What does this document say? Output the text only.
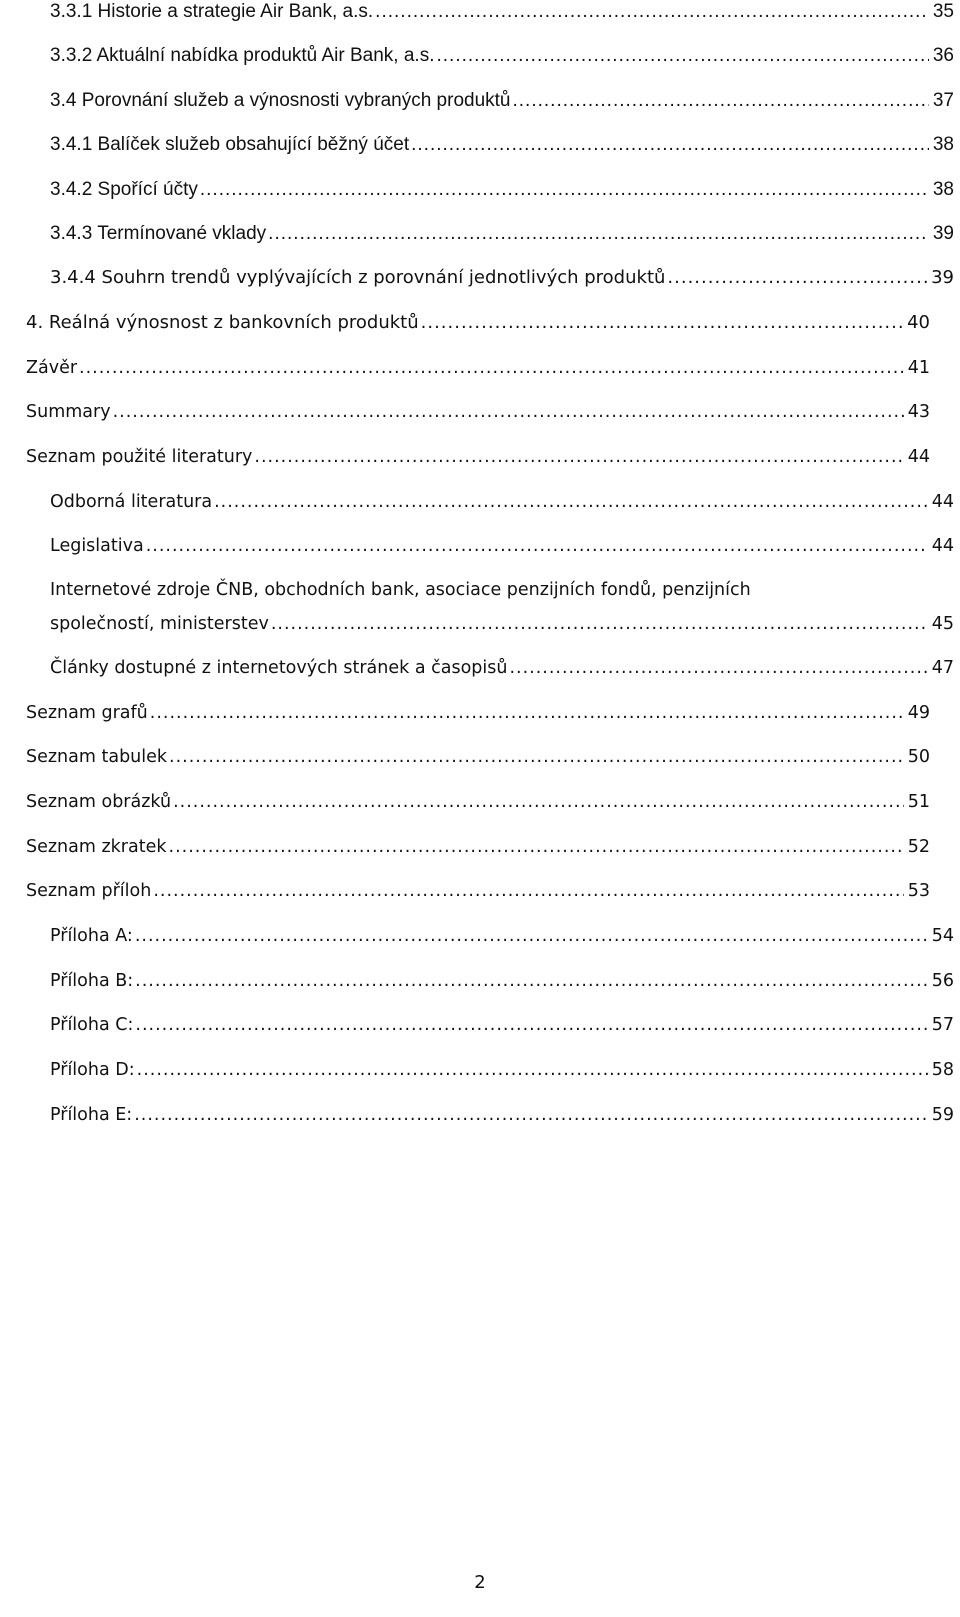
3.3.1 Historie a strategie Air Bank, a.s. .....	35
3.3.2 Aktuální nabídka produktů Air Bank, a.s. .....	36
3.4 Porovnání služeb a výnosnosti vybraných produktů .....	37
3.4.1 Balíček služeb obsahující běžný účet .....	38
3.4.2 Spořící účty .....	38
3.4.3 Termínované vklady .....	39
3.4.4 Souhrn trendů vyplývajících z porovnání jednotlivých produktů .....	39
4. Reálná výnosnost z bankovních produktů .....	40
Závěr .....	41
Summary .....	43
Seznam použité literatury .....	44
Odborná literatura .....	44
Legislativa .....	44
Internetové zdroje ČNB, obchodních bank, asociace penzijních fondů, penzijních
společností, ministerstev .....	45
Články dostupné z internetových stránek a časopisů .....	47
Seznam grafů .....	49
Seznam tabulek .....	50
Seznam obrázků .....	51
Seznam zkratek .....	52
Seznam příloh .....	53
Příloha A: .....	54
Příloha B: .....	56
Příloha C: .....	57
Příloha D: .....	58
Příloha E: .....	59
2
